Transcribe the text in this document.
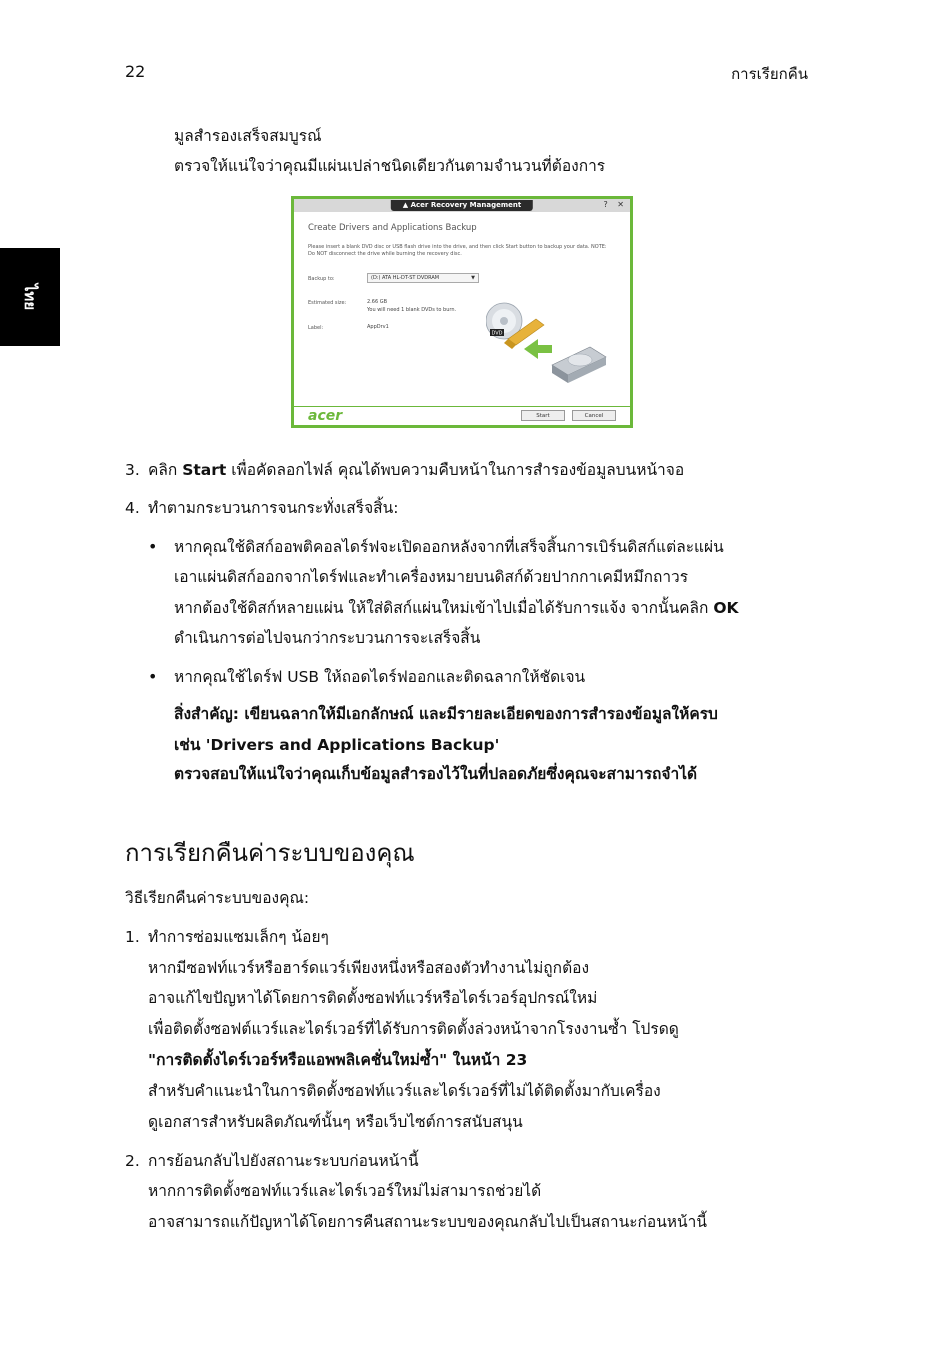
22	การเรียกคืน
ไทย
มูลสำรองเสร็จสมบูรณ์
ตรวจให้แน่ใจว่าคุณมีแผ่นเปล่าชนิดเดียวกันตามจำนวนที่ต้องการ
▲ Acer Recovery Management	? ✕
Create Drivers and Applications Backup
Please insert a blank DVD disc or USB flash drive into the drive, and then click Start button to backup your data. NOTE: Do NOT disconnect the drive while burning the recovery disc.
Backup to:	(D:) ATA HL-DT-ST DVDRAM	▼
Estimated size:	2.66 GB
You will need 1 blank DVDs to burn.
Label:	AppDrv1
DVD
acer	Start	Cancel
3. คลิก Start เพื่อคัดลอกไฟล์ คุณได้พบความคืบหน้าในการสำรองข้อมูลบนหน้าจอ
4. ทำตามกระบวนการจนกระทั่งเสร็จสิ้น:
• หากคุณใช้ดิสก์ออพติคอลไดร์ฟจะเปิดออกหลังจากที่เสร็จสิ้นการเบิร์นดิสก์แต่ละแผ่น
เอาแผ่นดิสก์ออกจากไดร์ฟและทำเครื่องหมายบนดิสก์ด้วยปากกาเคมีหมึกถาวร
หากต้องใช้ดิสก์หลายแผ่น ให้ใส่ดิสก์แผ่นใหม่เข้าไปเมื่อได้รับการแจ้ง จากนั้นคลิก OK
ดำเนินการต่อไปจนกว่ากระบวนการจะเสร็จสิ้น
• หากคุณใช้ไดร์ฟ USB ให้ถอดไดร์ฟออกและติดฉลากให้ชัดเจน
สิ่งสำคัญ: เขียนฉลากให้มีเอกลักษณ์ และมีรายละเอียดของการสำรองข้อมูลให้ครบ
เช่น 'Drivers and Applications Backup'
ตรวจสอบให้แน่ใจว่าคุณเก็บข้อมูลสำรองไว้ในที่ปลอดภัยซึ่งคุณจะสามารถจำได้
การเรียกคืนค่าระบบของคุณ
วิธีเรียกคืนค่าระบบของคุณ:
1. ทำการซ่อมแซมเล็กๆ น้อยๆ
หากมีซอฟท์แวร์หรือฮาร์ดแวร์เพียงหนึ่งหรือสองตัวทำงานไม่ถูกต้อง
อาจแก้ไขปัญหาได้โดยการติดตั้งซอฟท์แวร์หรือไดร์เวอร์อุปกรณ์ใหม่
เพื่อติดตั้งซอฟต์แวร์และไดร์เวอร์ที่ได้รับการติดตั้งล่วงหน้าจากโรงงานซ้ำ โปรดดู
"การติดตั้งไดร์เวอร์หรือแอพพลิเคชั่นใหม่ซ้ำ" ในหน้า 23
สำหรับคำแนะนำในการติดตั้งซอฟท์แวร์และไดร์เวอร์ที่ไม่ได้ติดตั้งมากับเครื่อง
ดูเอกสารสำหรับผลิตภัณฑ์นั้นๆ หรือเว็บไซต์การสนับสนุน
2. การย้อนกลับไปยังสถานะระบบก่อนหน้านี้
หากการติดตั้งซอฟท์แวร์และไดร์เวอร์ใหม่ไม่สามารถช่วยได้
อาจสามารถแก้ปัญหาได้โดยการคืนสถานะระบบของคุณกลับไปเป็นสถานะก่อนหน้านี้
